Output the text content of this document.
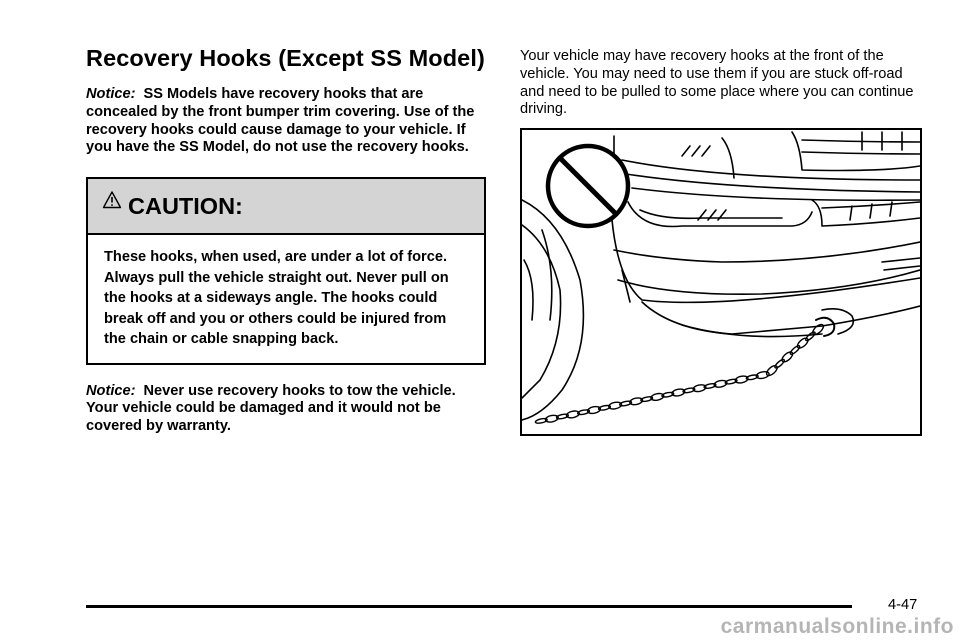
Recovery Hooks (Except SS Model)
Notice: SS Models have recovery hooks that are concealed by the front bumper trim covering. Use of the recovery hooks could cause damage to your vehicle. If you have the SS Model, do not use the recovery hooks.
CAUTION:
These hooks, when used, are under a lot of force. Always pull the vehicle straight out. Never pull on the hooks at a sideways angle. The hooks could break off and you or others could be injured from the chain or cable snapping back.
Notice: Never use recovery hooks to tow the vehicle. Your vehicle could be damaged and it would not be covered by warranty.
Your vehicle may have recovery hooks at the front of the vehicle. You may need to use them if you are stuck off-road and need to be pulled to some place where you can continue driving.
4-47
carmanualsonline.info
